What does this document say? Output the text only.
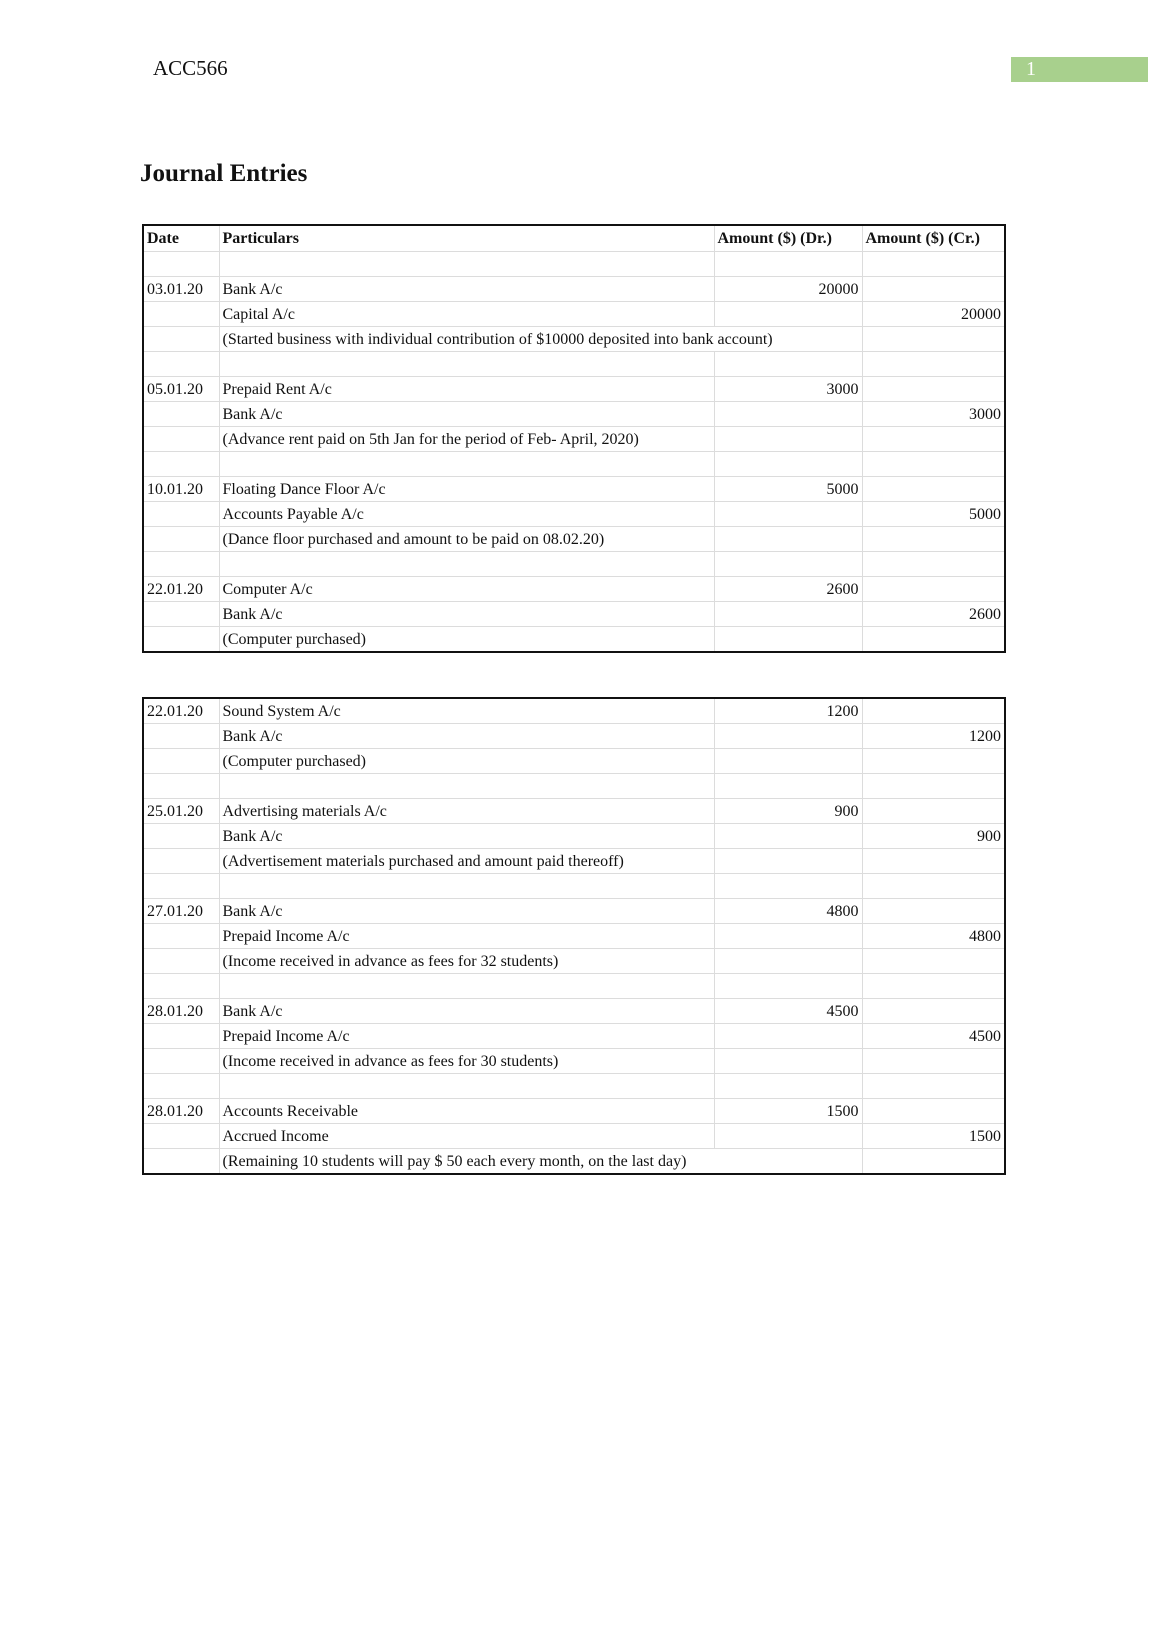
ACC566	1
Journal Entries
Date	Particulars	Amount ($) (Dr.)	Amount ($) (Cr.)

03.01.20	Bank A/c	20000	
	Capital A/c		20000
	(Started business with individual contribution of $10000 deposited into bank account)		

05.01.20	Prepaid Rent A/c	3000	
	Bank A/c		3000
	(Advance rent paid on 5th Jan for the period of Feb- April, 2020)		

10.01.20	Floating Dance Floor A/c	5000	
	Accounts Payable A/c		5000
	(Dance floor purchased and amount to be paid on 08.02.20)		

22.01.20	Computer A/c	2600	
	Bank A/c		2600
	(Computer purchased)		
22.01.20	Sound System A/c	1200	
	Bank A/c		1200
	(Computer purchased)		

25.01.20	Advertising materials A/c	900	
	Bank A/c		900
	(Advertisement materials purchased and amount paid thereoff)		

27.01.20	Bank A/c	4800	
	Prepaid Income A/c		4800
	(Income received in advance as fees for 32 students)		

28.01.20	Bank A/c	4500	
	Prepaid Income A/c		4500
	(Income received in advance as fees for 30 students)		

28.01.20	Accounts Receivable	1500	
	Accrued Income		1500
	(Remaining 10 students will pay $ 50 each every month, on the last day)		
